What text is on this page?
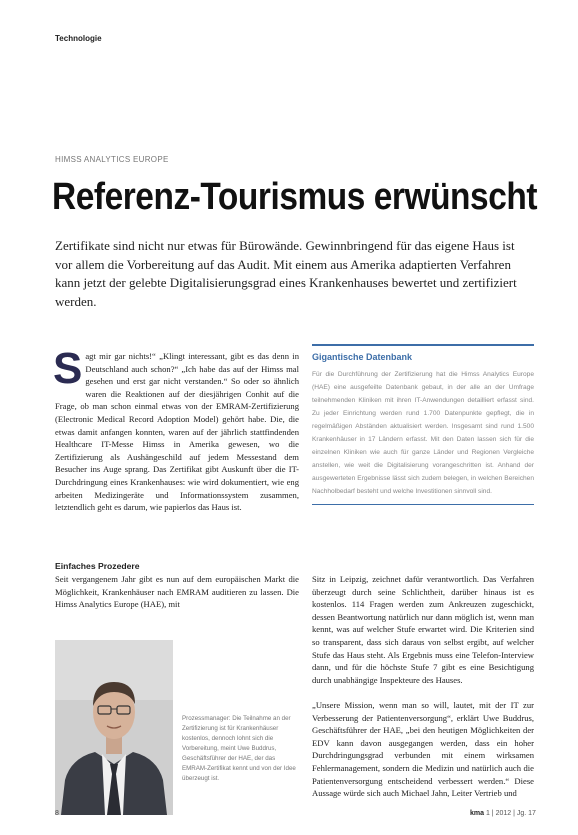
Technologie
HIMSS ANALYTICS EUROPE
Referenz-Tourismus erwünscht

Zertifikate sind nicht nur etwas für Bürowände. Gewinnbringend für das eigene Haus ist vor allem die Vorbereitung auf das Audit. Mit einem aus Amerika adaptierten Verfahren kann jetzt der gelebte Digitalisierungsgrad eines Krankenhauses bewertet und zertifiziert werden.

Sagt mir gar nichts!“ „Klingt interessant, gibt es das denn in Deutschland auch schon?“ „Ich habe das auf der Himss mal gesehen und erst gar nicht verstanden.“ So oder so ähnlich waren die Reaktionen auf der diesjährigen Conhit auf die Frage, ob man schon einmal etwas von der EMRAM-Zertifizierung (Electronic Medical Record Adoption Model) gehört habe. Die, die etwas damit anfangen konnten, waren auf der jährlich stattfindenden Healthcare IT-Messe Himss in Amerika gewesen, wo die Zertifizierung als Aushängeschild auf jedem Messestand dem Besucher ins Auge sprang. Das Zertifikat gibt Auskunft über die IT-Durchdringung eines Krankenhauses: wie wird dokumentiert, wie eng arbeiten Medizingeräte und Informationssystem zusammen, letztendlich geht es darum, wie papierlos das Haus ist.

Einfaches Prozedere

Seit vergangenem Jahr gibt es nun auf dem europäischen Markt die Möglichkeit, Krankenhäuser nach EMRAM auditieren zu lassen. Die Himss Analytics Europe (HAE), mit

Gigantische Datenbank

Für die Durchführung der Zertifizierung hat die Himss Analytics Europe (HAE) eine ausgefeilte Datenbank gebaut, in der alle an der Umfrage teilnehmenden Kliniken mit ihren IT-Anwendungen detailliert erfasst sind. Zu jeder Einrichtung werden rund 1.700 Datenpunkte gepflegt, die in regelmäßigen Abständen aktualisiert werden. Insgesamt sind rund 1.500 Krankenhäuser in 17 Ländern erfasst. Mit den Daten lassen sich für die einzelnen Kliniken wie auch für ganze Länder und Regionen Vergleiche anstellen, wie weit die Digitalisierung vorangeschritten ist. Anhand der ausgewerteten Ergebnisse lässt sich zudem belegen, in welchen Bereichen Nachholbedarf besteht und welche Investitionen sinnvoll sind.

Prozessmanager: Die Teilnahme an der Zertifizierung ist für Krankenhäuser kostenlos, dennoch lohnt sich die Vorbereitung, meint Uwe Buddrus, Geschäftsführer der HAE, der das EMRAM-Zertifikat kennt und von der Idee überzeugt ist.

Sitz in Leipzig, zeichnet dafür verantwortlich. Das Verfahren überzeugt durch seine Schlichtheit, darüber hinaus ist es kostenlos. 114 Fragen werden zum Ankreuzen zugeschickt, dessen Beantwortung natürlich nur dann möglich ist, wenn man kennt, was auf welcher Stufe erwartet wird. Die Kriterien sind so transparent, dass sich daraus von selbst ergibt, auf welcher Stufe das Haus steht. Als Ergebnis muss eine Telefon-Interview dann, und für die höchste Stufe 7 gibt es eine Besichtigung durch unabhängige Inspekteure des Hauses.

„Unsere Mission, wenn man so will, lautet, mit der IT zur Verbesserung der Patientenversorgung“, erklärt Uwe Buddrus, Geschäftsführer der HAE, „bei den heutigen Möglichkeiten der EDV kann davon ausgegangen werden, dass ein hoher Durchdringungsgrad verbunden mit einem wirksamen Fehlermanagement, sondern die Medizin und natürlich auch die Patientenversorgung entscheidend verbessert werden.“ Diese Aussage würde sich auch Michael Jahn, Leiter Vertrieb und

8	kma 1 | 2012 | Jg. 17
